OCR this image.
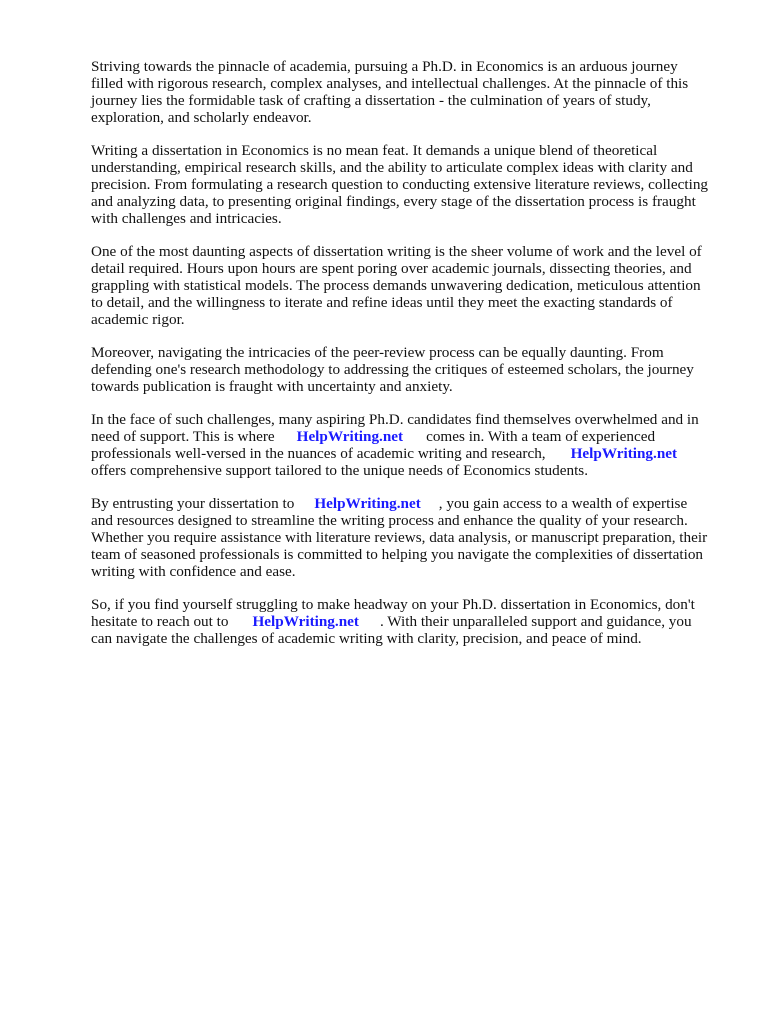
Striving towards the pinnacle of academia, pursuing a Ph.D. in Economics is an arduous journey
filled with rigorous research, complex analyses, and intellectual challenges. At the pinnacle of this
journey lies the formidable task of crafting a dissertation - the culmination of years of study,
exploration, and scholarly endeavor.
Writing a dissertation in Economics is no mean feat. It demands a unique blend of theoretical
understanding, empirical research skills, and the ability to articulate complex ideas with clarity and
precision. From formulating a research question to conducting extensive literature reviews, collecting
and analyzing data, to presenting original findings, every stage of the dissertation process is fraught
with challenges and intricacies.
One of the most daunting aspects of dissertation writing is the sheer volume of work and the level of
detail required. Hours upon hours are spent poring over academic journals, dissecting theories, and
grappling with statistical models. The process demands unwavering dedication, meticulous attention
to detail, and the willingness to iterate and refine ideas until they meet the exacting standards of
academic rigor.
Moreover, navigating the intricacies of the peer-review process can be equally daunting. From
defending one's research methodology to addressing the critiques of esteemed scholars, the journey
towards publication is fraught with uncertainty and anxiety.
In the face of such challenges, many aspiring Ph.D. candidates find themselves overwhelmed and in
need of support. This is where HelpWriting.net comes in. With a team of experienced
professionals well-versed in the nuances of academic writing and research, HelpWriting.net
offers comprehensive support tailored to the unique needs of Economics students.
By entrusting your dissertation to HelpWriting.net , you gain access to a wealth of expertise
and resources designed to streamline the writing process and enhance the quality of your research.
Whether you require assistance with literature reviews, data analysis, or manuscript preparation, their
team of seasoned professionals is committed to helping you navigate the complexities of dissertation
writing with confidence and ease.
So, if you find yourself struggling to make headway on your Ph.D. dissertation in Economics, don't
hesitate to reach out to HelpWriting.net . With their unparalleled support and guidance, you
can navigate the challenges of academic writing with clarity, precision, and peace of mind.
